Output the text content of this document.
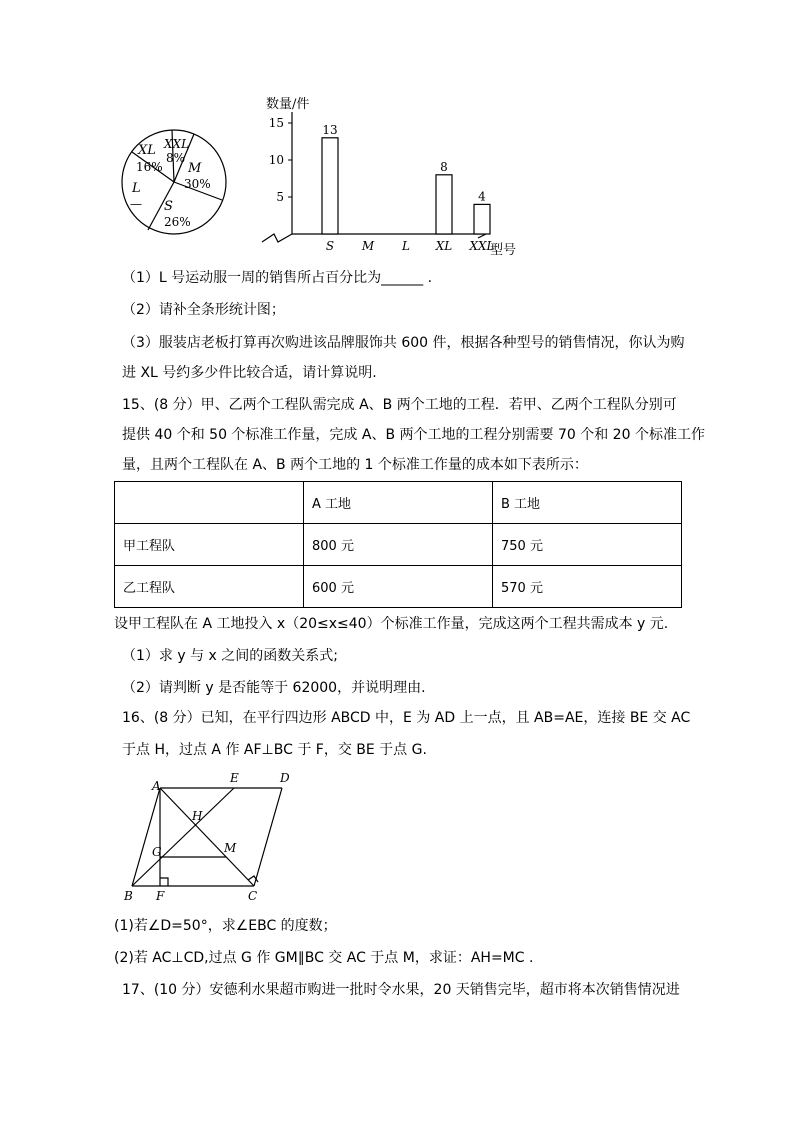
XL
16%
XXL
8%
M
30%
L
— S
26%
数量/件
型号
5
10
15
S
13
M L XL
8
XXL
4
（1）L 号运动服一周的销售所占百分比为______ .
（2）请补全条形统计图；
（3）服装店老板打算再次购进该品牌服饰共 600 件，根据各种型号的销售情况，你认为购
进 XL 号约多少件比较合适，请计算说明.
15、(8 分）甲、乙两个工程队需完成 A、B 两个工地的工程．若甲、乙两个工程队分别可
提供 40 个和 50 个标准工作量，完成 A、B 两个工地的工程分别需要 70 个和 20 个标准工作
量，且两个工程队在 A、B 两个工地的 1 个标准工作量的成本如下表所示：
	A 工地	B 工地
甲工程队	800 元	750 元
乙工程队	600 元	570 元
设甲工程队在 A 工地投入 x（20≤x≤40）个标准工作量，完成这两个工程共需成本 y 元.
（1）求 y 与 x 之间的函数关系式;
（2）请判断 y 是否能等于 62000，并说明理由.
16、(8 分）已知，在平行四边形 ABCD 中，E 为 AD 上一点，且 AB=AE，连接 BE 交 AC
于点 H，过点 A 作 AF⊥BC 于 F，交 BE 于点 G.
A
E	D
H
G	M
B F	C
(1)若∠D=50°，求∠EBC 的度数；
(2)若 AC⊥CD,过点 G 作 GM∥BC 交 AC 于点 M，求证：AH=MC .
17、(10 分）安德利水果超市购进一批时令水果，20 天销售完毕，超市将本次销售情况进
